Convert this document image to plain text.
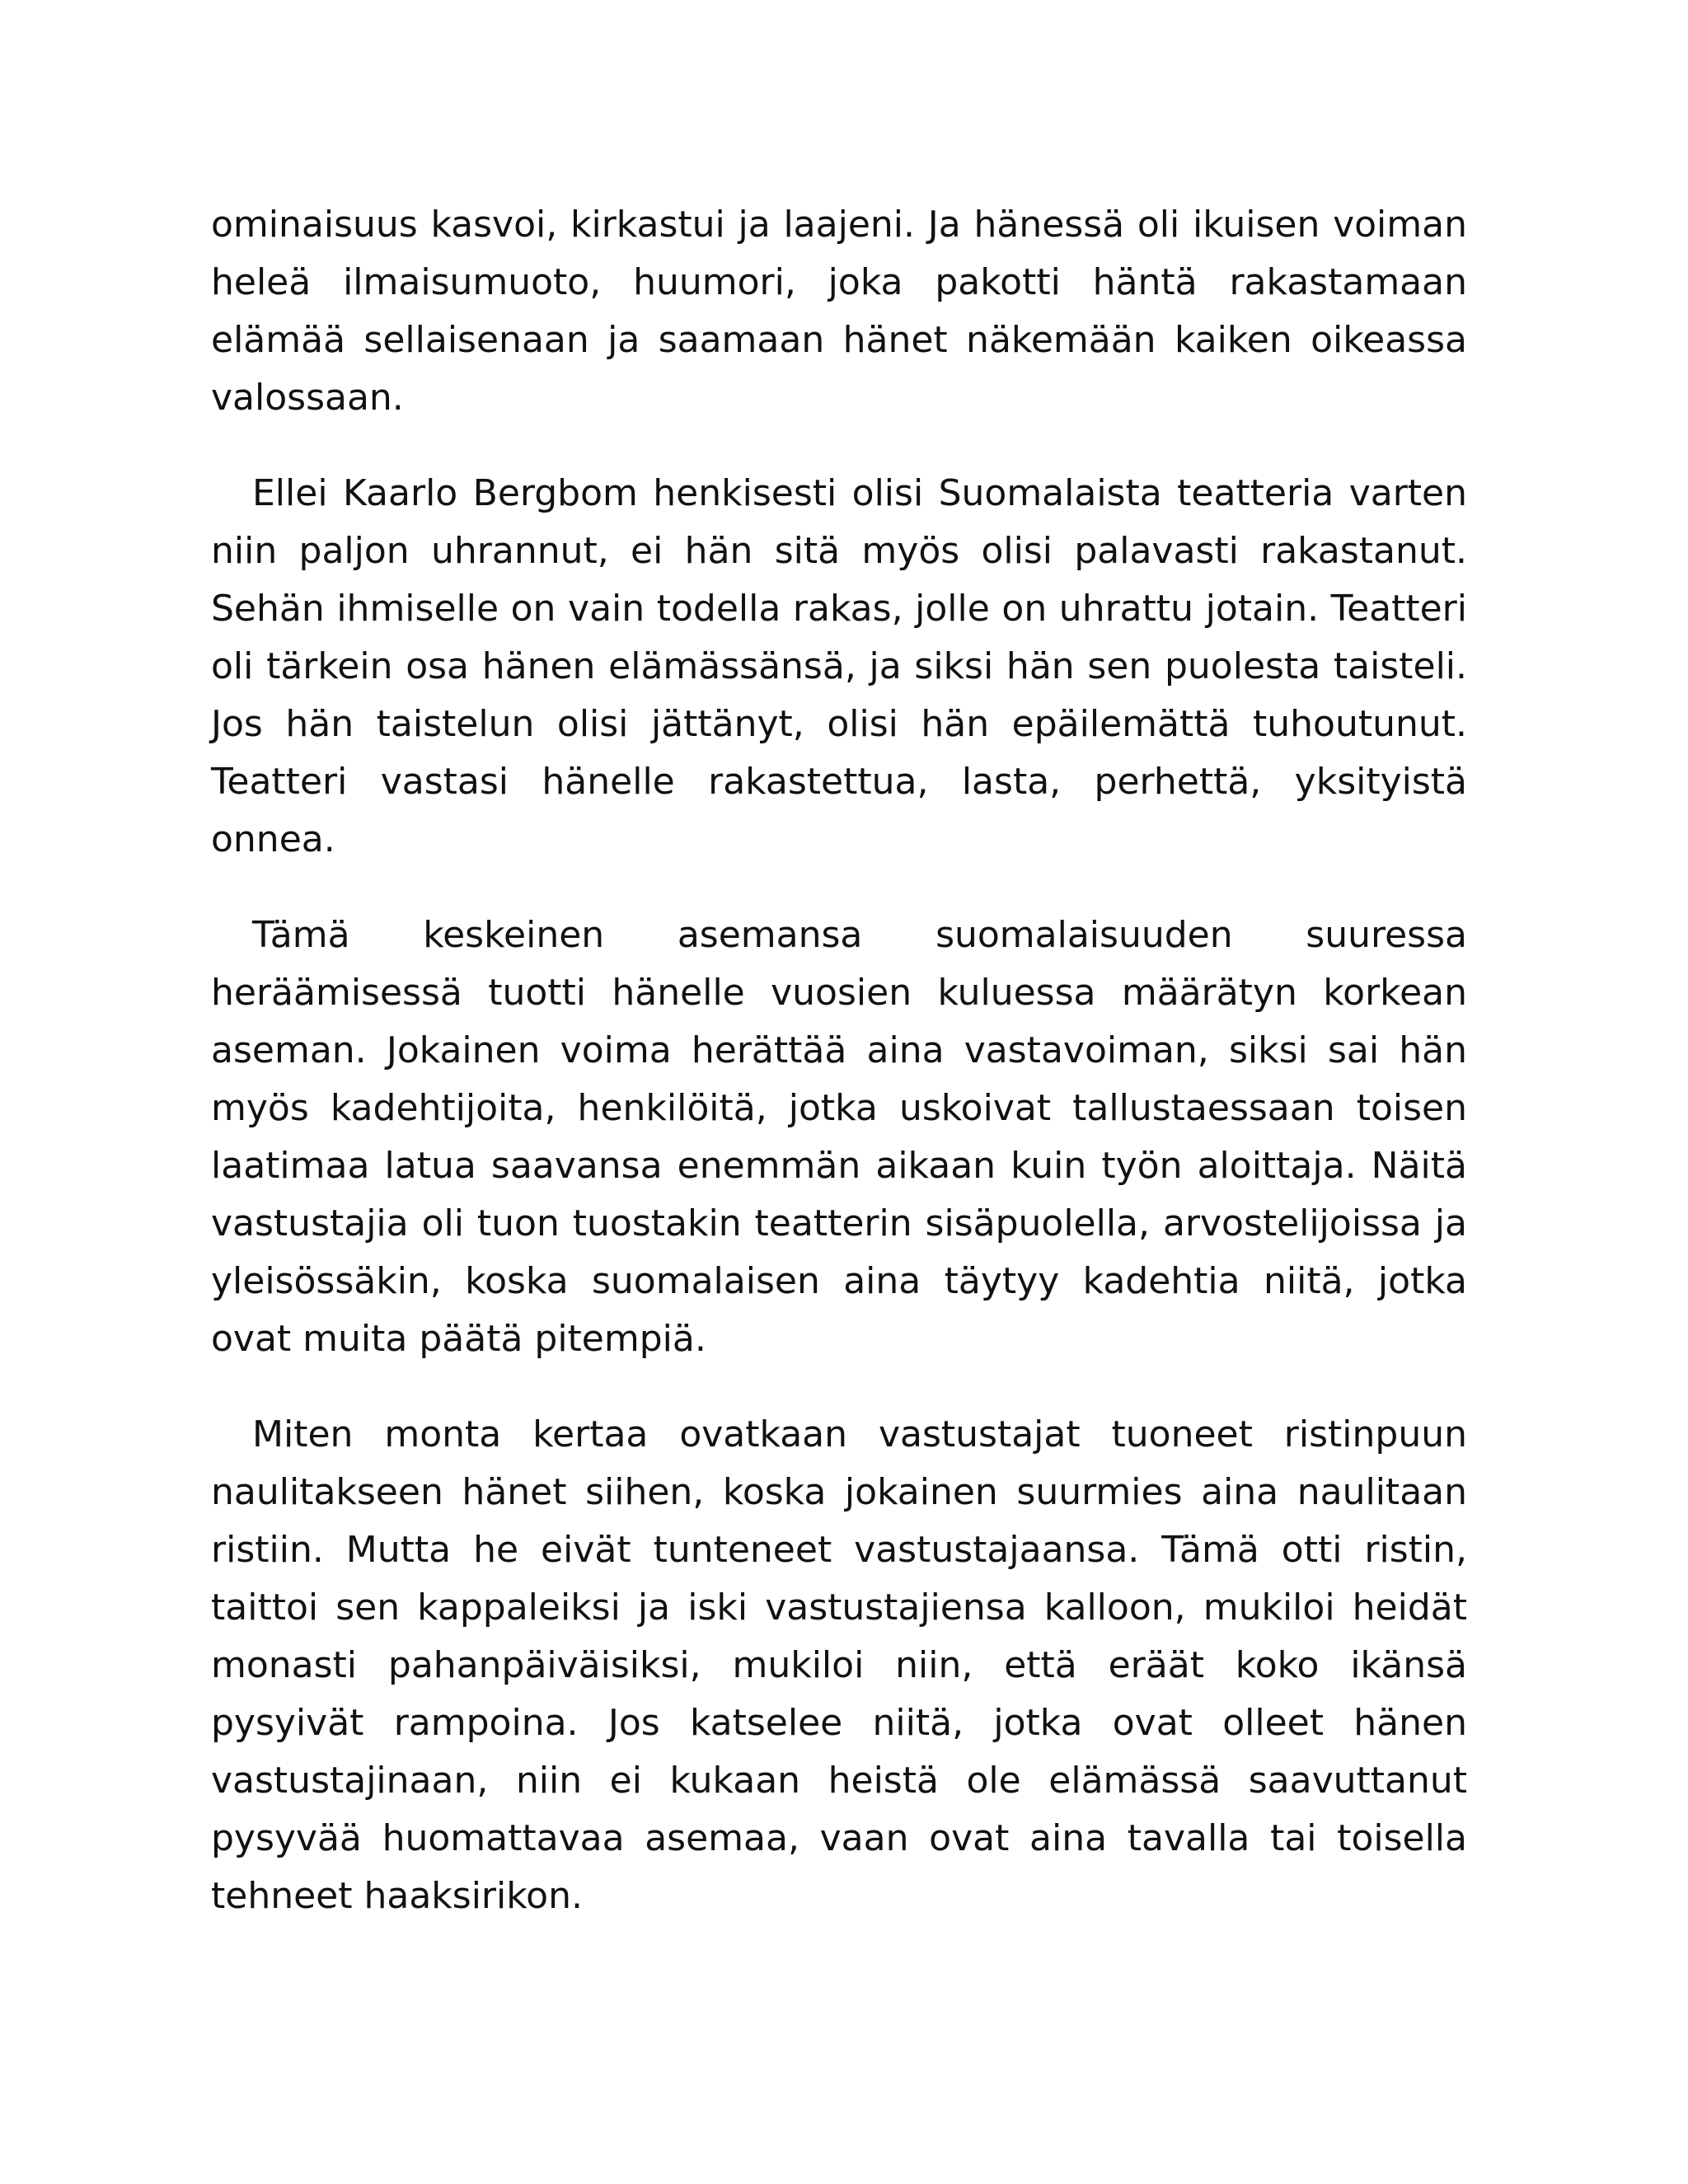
ominaisuus kasvoi, kirkastui ja laajeni. Ja hänessä oli ikuisen voiman heleä ilmaisumuoto, huumori, joka pakotti häntä rakastamaan elämää sellaisenaan ja saamaan hänet näkemään kaiken oikeassa valossaan.

Ellei Kaarlo Bergbom henkisesti olisi Suomalaista teatteria varten niin paljon uhrannut, ei hän sitä myös olisi palavasti rakastanut. Sehän ihmiselle on vain todella rakas, jolle on uhrattu jotain. Teatteri oli tärkein osa hänen elämässänsä, ja siksi hän sen puolesta taisteli. Jos hän taistelun olisi jättänyt, olisi hän epäilemättä tuhoutunut. Teatteri vastasi hänelle rakastettua, lasta, perhettä, yksityistä onnea.

Tämä keskeinen asemansa suomalaisuuden suuressa heräämisessä tuotti hänelle vuosien kuluessa määrätyn korkean aseman. Jokainen voima herättää aina vastavoiman, siksi sai hän myös kadehtijoita, henkilöitä, jotka uskoivat tallustaessaan toisen laatimaa latua saavansa enemmän aikaan kuin työn aloittaja. Näitä vastustajia oli tuon tuostakin teatterin sisäpuolella, arvostelijoissa ja yleisössäkin, koska suomalaisen aina täytyy kadehtia niitä, jotka ovat muita päätä pitempiä.

Miten monta kertaa ovatkaan vastustajat tuoneet ristinpuun naulitakseen hänet siihen, koska jokainen suurmies aina naulitaan ristiin. Mutta he eivät tunteneet vastustajaansa. Tämä otti ristin, taittoi sen kappaleiksi ja iski vastustajiensa kalloon, mukiloi heidät monasti pahanpäiväisiksi, mukiloi niin, että eräät koko ikänsä pysyivät rampoina. Jos katselee niitä, jotka ovat olleet hänen vastustajinaan, niin ei kukaan heistä ole elämässä saavuttanut pysyvää huomattavaa asemaa, vaan ovat aina tavalla tai toisella tehneet haaksirikon.
